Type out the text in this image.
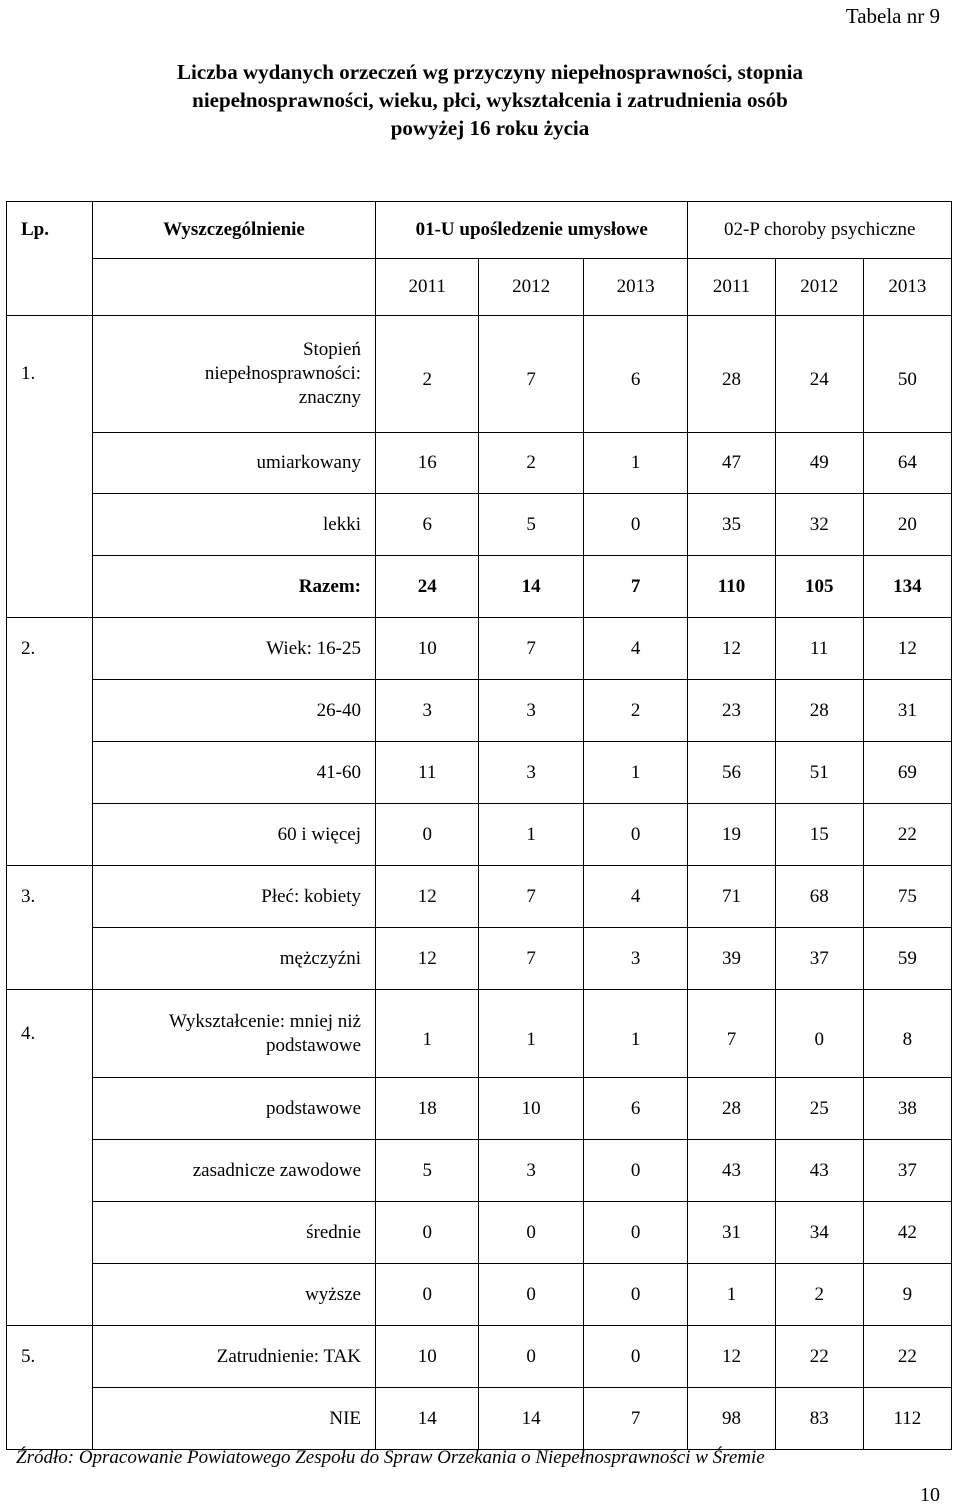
Tabela nr 9
Liczba wydanych orzeczeń wg przyczyny niepełnosprawności, stopnia
niepełnosprawności, wieku, płci, wykształcenia i zatrudnienia osób
powyżej 16 roku życia
Lp.	Wyszczególnienie	01-U upośledzenie umysłowe			02-P choroby psychiczne		
		2011	2012	2013	2011	2012	2013
1.	Stopień
niepełnosprawności:
znaczny	2	7	6	28	24	50

	umiarkowany	16	2	1	47	49	64

	lekki	6	5	0	35	32	20

	Razem:	24	14	7	110	105	134
2.	Wiek: 16-25	10	7	4	12	11	12

	26-40	3	3	2	23	28	31

	41-60	11	3	1	56	51	69

	60 i więcej	0	1	0	19	15	22
3.	Płeć: kobiety	12	7	4	71	68	75

	mężczyźni	12	7	3	39	37	59
4.	Wykształcenie: mniej niż
podstawowe	1	1	1	7	0	8

	podstawowe	18	10	6	28	25	38

	zasadnicze zawodowe	5	3	0	43	43	37

	średnie	0	0	0	31	34	42

	wyższe	0	0	0	1	2	9
5.	Zatrudnienie: TAK	10	0	0	12	22	22

	NIE	14	14	7	98	83	112
Źródło: Opracowanie Powiatowego Zespołu do Spraw Orzekania o Niepełnosprawności w Śremie
10
